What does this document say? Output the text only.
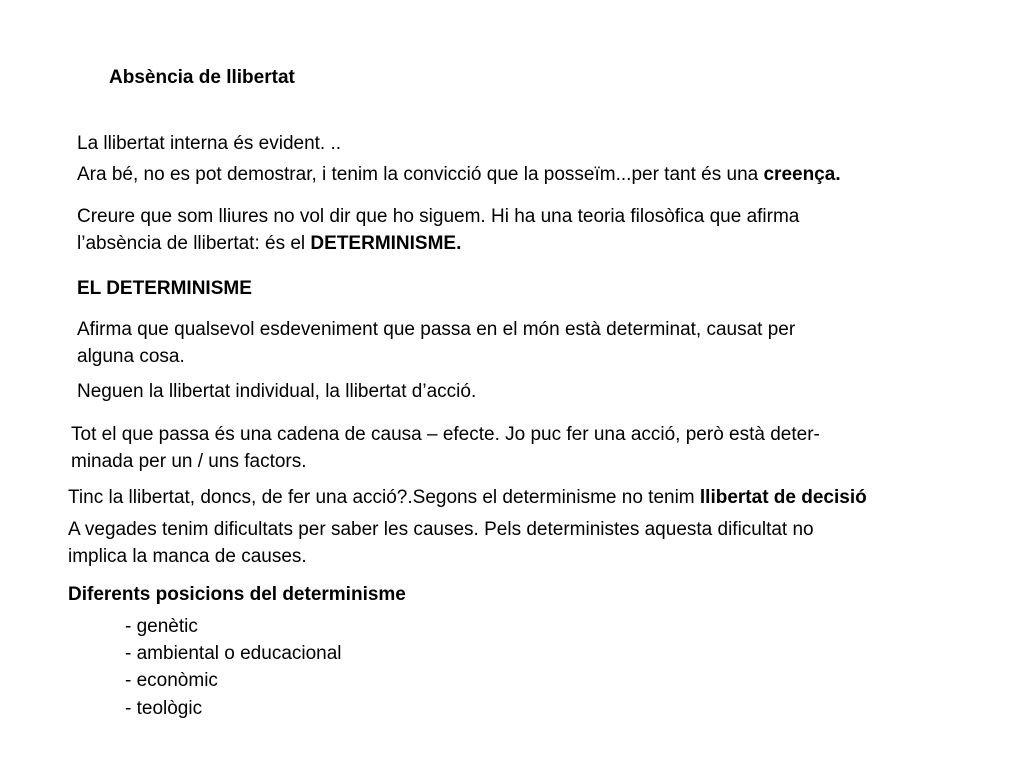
Absència de llibertat

La llibertat interna és evident. ..

Ara bé, no es pot demostrar, i tenim la convicció que la posseïm...per tant és una creença.

Creure que som lliures no vol dir que ho siguem. Hi ha una teoria filosòfica que afirma

l’absència de llibertat: és el DETERMINISME.

EL DETERMINISME

Afirma que qualsevol esdeveniment que passa en el món està determinat, causat per

alguna cosa.

Neguen la llibertat individual, la llibertat d’acció.

Tot el que passa és una cadena de causa – efecte. Jo puc fer una acció, però està deter-

minada per un / uns factors.

Tinc la llibertat, doncs, de fer una acció?.Segons el determinisme no tenim llibertat de decisió

A vegades tenim dificultats per saber les causes. Pels deterministes aquesta dificultat no

implica la manca de causes.

Diferents posicions del determinisme

- genètic

- ambiental o educacional

- econòmic

- teològic
